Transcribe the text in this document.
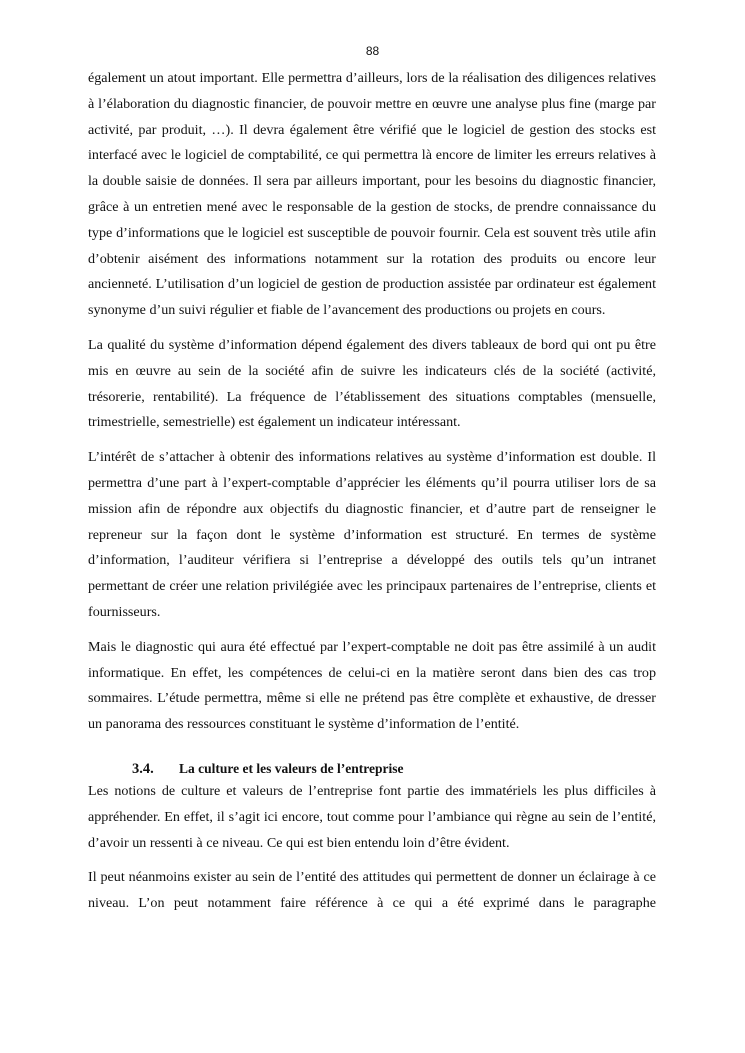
88

également un atout important. Elle permettra d’ailleurs, lors de la réalisation des diligences relatives à l’élaboration du diagnostic financier, de pouvoir mettre en œuvre une analyse plus fine (marge par activité, par produit, …). Il devra également être vérifié que le logiciel de gestion des stocks est interfacé avec le logiciel de comptabilité, ce qui permettra là encore de limiter les erreurs relatives à la double saisie de données. Il sera par ailleurs important, pour les besoins du diagnostic financier, grâce à un entretien mené avec le responsable de la gestion de stocks, de prendre connaissance du type d’informations que le logiciel est susceptible de pouvoir fournir. Cela est souvent très utile afin d’obtenir aisément des informations notamment sur la rotation des produits ou encore leur ancienneté. L’utilisation d’un logiciel de gestion de production assistée par ordinateur est également synonyme d’un suivi régulier et fiable de l’avancement des productions ou projets en cours.

La qualité du système d’information dépend également des divers tableaux de bord qui ont pu être mis en œuvre au sein de la société afin de suivre les indicateurs clés de la société (activité, trésorerie, rentabilité). La fréquence de l’établissement des situations comptables (mensuelle, trimestrielle, semestrielle) est également un indicateur intéressant.

L’intérêt de s’attacher à obtenir des informations relatives au système d’information est double. Il permettra d’une part à l’expert-comptable d’apprécier les éléments qu’il pourra utiliser lors de sa mission afin de répondre aux objectifs du diagnostic financier, et d’autre part de renseigner le repreneur sur la façon dont le système d’information est structuré. En termes de système d’information, l’auditeur vérifiera si l’entreprise a développé des outils tels qu’un intranet permettant de créer une relation privilégiée avec les principaux partenaires de l’entreprise, clients et fournisseurs.

Mais le diagnostic qui aura été effectué par l’expert-comptable ne doit pas être assimilé à un audit informatique. En effet, les compétences de celui-ci en la matière seront dans bien des cas trop sommaires. L’étude permettra, même si elle ne prétend pas être complète et exhaustive, de dresser un panorama des ressources constituant le système d’information de l’entité.

3.4. La culture et les valeurs de l’entreprise

Les notions de culture et valeurs de l’entreprise font partie des immatériels les plus difficiles à appréhender. En effet, il s’agit ici encore, tout comme pour l’ambiance qui règne au sein de l’entité, d’avoir un ressenti à ce niveau. Ce qui est bien entendu loin d’être évident.

Il peut néanmoins exister au sein de l’entité des attitudes qui permettent de donner un éclairage à ce niveau. L’on peut notamment faire référence à ce qui a été exprimé dans le paragraphe
